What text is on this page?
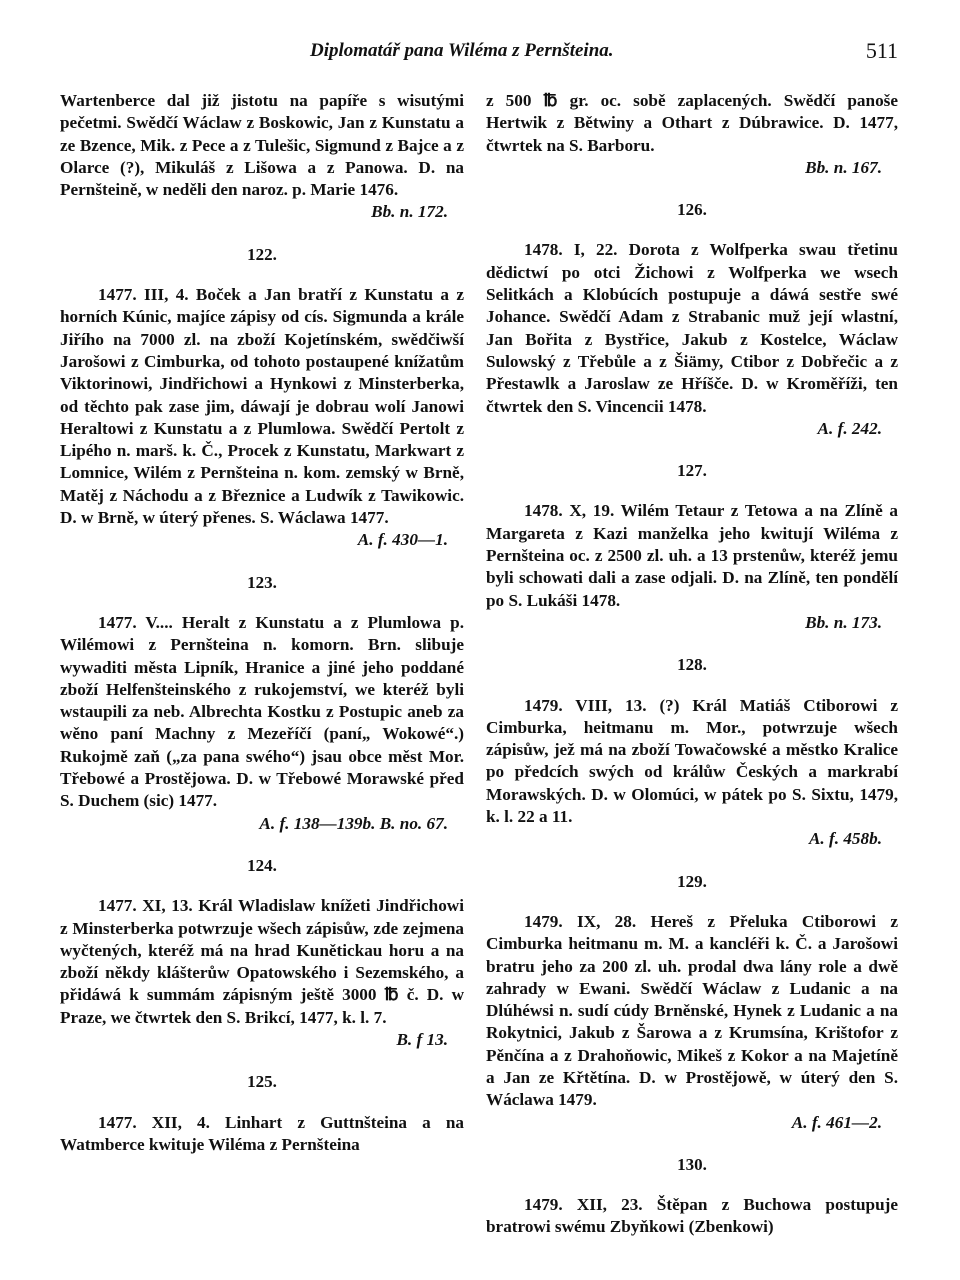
Diplomatář pana Wiléma z Pernšteina.	511

Wartenberce dal již jistotu na papíře s wisutými pečetmi. Swědčí Wáclaw z Boskowic, Jan z Kunstatu a ze Bzence, Mik. z Pece a z Tulešic, Sigmund z Bajce a z Olarce (?), Mikuláš z Lišowa a z Panowa. D. na Pernšteině, w neděli den naroz. p. Marie 1476.

Bb. n. 172.
122.

1477. III, 4. Boček a Jan bratří z Kunstatu a z horních Kúnic, majíce zápisy od cís. Sigmunda a krále Jiřího na 7000 zl. na zboží Kojetínském, swědčiwší Jarošowi z Cimburka, od tohoto postaupené knížatům Viktorinowi, Jindřichowi a Hynkowi z Minsterberka, od těchto pak zase jim, dáwají je dobrau wolí Janowi Heraltowi z Kunstatu a z Plumlowa. Swědčí Pertolt z Lipého n. marš. k. Č., Procek z Kunstatu, Markwart z Lomnice, Wilém z Pernšteina n. kom. zemský w Brně, Matěj z Náchodu a z Březnice a Ludwík z Tawikowic. D. w Brně, w úterý přenes. S. Wáclawa 1477.

A. f. 430—1.
123.

1477. V.... Heralt z Kunstatu a z Plumlowa p. Wilémowi z Pernšteina n. komorn. Brn. slibuje wywaditi města Lipník, Hranice a jiné jeho poddané zboží Helfenšteinského z rukojemství, we kteréž byli wstaupili za neb. Albrechta Kostku z Postupic aneb za wěno paní Machny z Mezeříčí (paní„ Wokowé“.) Rukojmě zaň („za pana swého“) jsau obce měst Mor. Třebowé a Prostějowa. D. w Třebowé Morawské před S. Duchem (sic) 1477.

A. f. 138—139b. B. no. 67.
124.

1477. XI, 13. Král Wladislaw knížeti Jindřichowi z Minsterberka potwrzuje wšech zápisůw, zde zejmena wyčtených, kteréž má na hrad Kunětickau horu a na zboží někdy klášterůw Opatowského i Sezemského, a přidáwá k summám zápisným ještě 3000 ℔ č. D. w Praze, we čtwrtek den S. Brikcí, 1477, k. l. 7.

B. f 13.
125.

1477. XII, 4. Linhart z Guttnšteina a na Watmberce kwituje Wiléma z Pernšteina

z 500 ℔ gr. oc. sobě zaplacených. Swědčí panoše Hertwik z Bětwiny a Othart z Dúbrawice. D. 1477, čtwrtek na S. Barboru.

Bb. n. 167.
126.

1478. I, 22. Dorota z Wolfperka swau třetinu dědictwí po otci Žichowi z Wolfperka we wsech Selitkách a Klobúcích postupuje a dáwá sestře swé Johance. Swědčí Adam z Strabanic muž její wlastní, Jan Bořita z Bystřice, Jakub z Kostelce, Wáclaw Sulowský z Třebůle a z Šiämy, Ctibor z Dobřečic a z Přestawlk a Jaroslaw ze Hříšče. D. w Kroměříži, ten čtwrtek den S. Vincencii 1478.

A. f. 242.
127.

1478. X, 19. Wilém Tetaur z Tetowa a na Zlíně a Margareta z Kazi manželka jeho kwitují Wiléma z Pernšteina oc. z 2500 zl. uh. a 13 prstenůw, kteréž jemu byli schowati dali a zase odjali. D. na Zlíně, ten pondělí po S. Lukáši 1478.

Bb. n. 173.
128.

1479. VIII, 13. (?) Král Matiáš Ctiborowi z Cimburka, heitmanu m. Mor., potwrzuje wšech zápisůw, jež má na zboží Towačowské a městko Kralice po předcích swých od králůw Českých a markrabí Morawských. D. w Olomúci, w pátek po S. Sixtu, 1479, k. l. 22 a 11.

A. f. 458b.
129.

1479. IX, 28. Hereš z Přeluka Ctiborowi z Cimburka heitmanu m. M. a kancléři k. Č. a Jarošowi bratru jeho za 200 zl. uh. prodal dwa lány role a dwě zahrady w Ewani. Swědčí Wáclaw z Ludanic a na Dlúhéwsi n. sudí cúdy Brněnské, Hynek z Ludanic a na Rokytnici, Jakub z Šarowa a z Krumsína, Krištofor z Pěnčína a z Drahoňowic, Mikeš z Kokor a na Majetíně a Jan ze Křtětína. D. w Prostějowě, w úterý den S. Wáclawa 1479.

A. f. 461—2.
130.

1479. XII, 23. Štěpan z Buchowa postupuje bratrowi swému Zbyňkowi (Zbenkowi)
